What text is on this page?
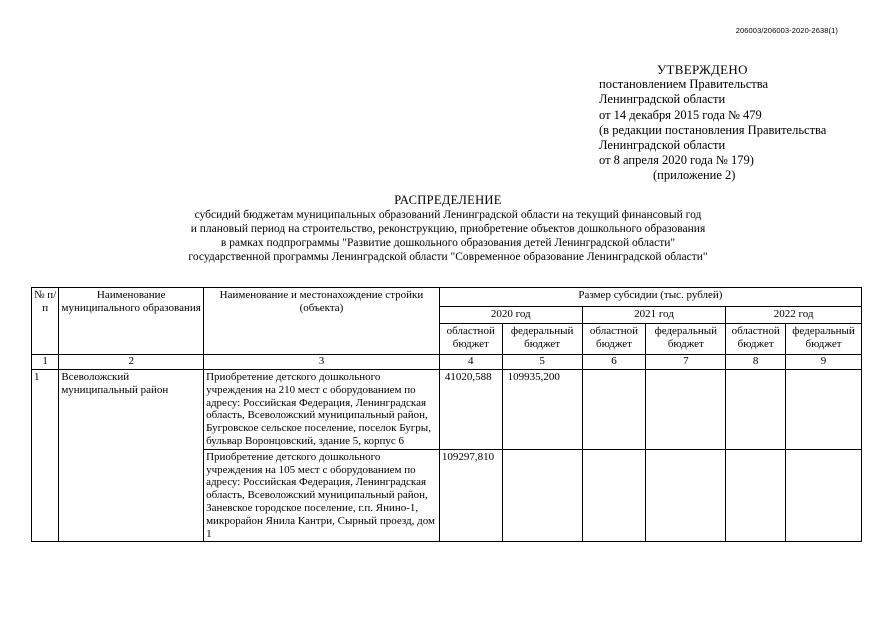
206003/206003-2020-2638(1)
УТВЕРЖДЕНО
постановлением Правительства
Ленинградской области
от 14 декабря 2015 года № 479
(в редакции постановления Правительства
Ленинградской области
от 8 апреля 2020 года № 179)
(приложение 2)
РАСПРЕДЕЛЕНИЕ
субсидий бюджетам муниципальных образований Ленинградской области на текущий финансовый год
и плановый период на строительство, реконструкцию, приобретение объектов дошкольного образования
в рамках подпрограммы "Развитие дошкольного образования детей Ленинградской области"
государственной программы Ленинградской области "Современное образование Ленинградской области"
№ п/п	Наименование муниципального образования	Наименование и местонахождение стройки (объекта)	Размер субсидии (тыс. рублей)					
			2020 год		2021 год		2022 год	
			областной бюджет	федеральный бюджет	областной бюджет	федеральный бюджет	областной бюджет	федеральный бюджет
1	2	3	4	5	6	7	8	9
1	Всеволожский муниципальный район	Приобретение детского дошкольного учреждения на 210 мест с оборудованием по адресу: Российская Федерация, Ленинградская область, Всеволожский муниципальный район, Бугровское сельское поселение, поселок Бугры, бульвар Воронцовский, здание 5, корпус 6	41020,588	109935,200				
		Приобретение детского дошкольного учреждения на 105 мест с оборудованием по адресу: Российская Федерация, Ленинградская область, Всеволожский муниципальный район, Заневское городское поселение, г.п. Янино-1, микрорайон Янила Кантри, Сырный проезд, дом 1	109297,810					
